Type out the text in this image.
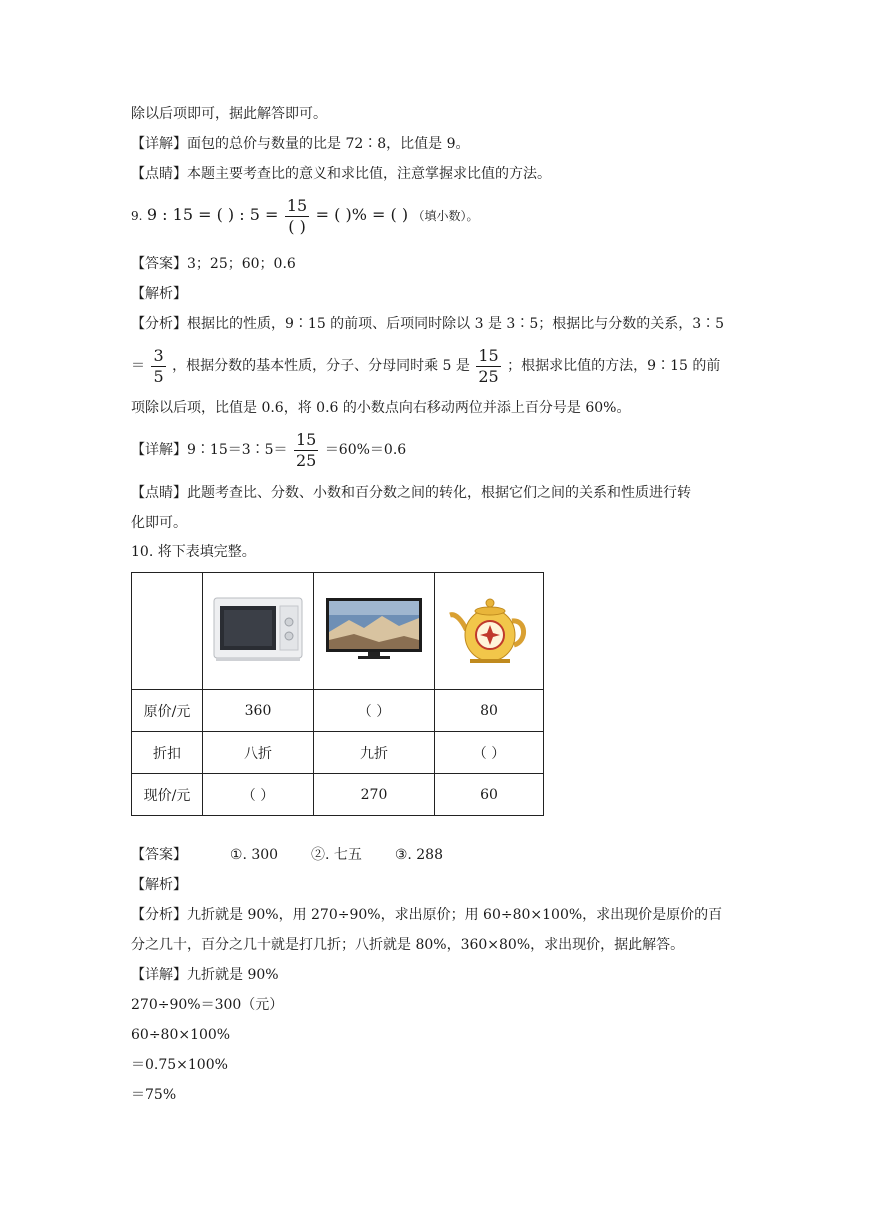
除以后项即可，据此解答即可。
【详解】面包的总价与数量的比是 72∶8，比值是 9。
【点睛】本题主要考查比的意义和求比值，注意掌握求比值的方法。
9. 9 : 15 = ( ) : $5 = \frac{15}{( )}$ = ( )% = ( ) （填小数）。
【答案】3；25；60；0.6
【解析】
【分析】根据比的性质，9∶15 的前项、后项同时除以 3 是 3∶5；根据比与分数的关系，3∶5
＝ $\frac{3}{5}$ ，根据分数的基本性质，分子、分母同时乘 5 是 $\frac{15}{25}$ ；根据求比值的方法，9∶15 的前
项除以后项，比值是 0.6，将 0.6 的小数点向右移动两位并添上百分号是 60%。
【详解】9∶15＝3∶5＝ $\frac{15}{25} =60\%=0.6$
【点睛】此题考查比、分数、小数和百分数之间的转化，根据它们之间的关系和性质进行转
化即可。
10. 将下表填完整。

原价/元	360	（ ）	80
折扣	八折	九折	（ ）
现价/元	（ ）	270	60
【答案】	①. 300 ②. 七五 ③. 288
【解析】
【分析】九折就是 90%，用 270÷90%，求出原价；用 60÷80×100%，求出现价是原价的百
分之几十，百分之几十就是打几折；八折就是 80%，360×80%，求出现价，据此解答。
【详解】九折就是 90%
270÷90%＝300（元）
60÷80×100%
＝0.75×100%
＝75%
